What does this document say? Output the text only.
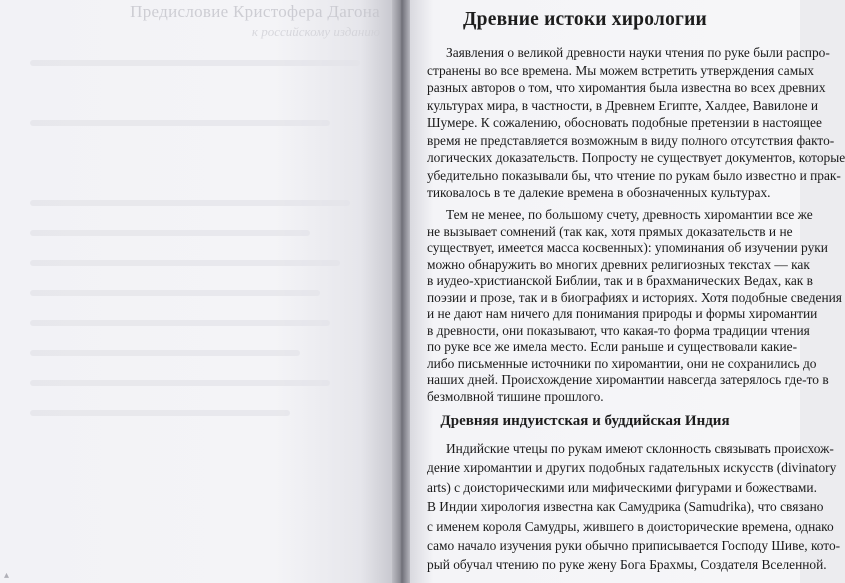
Предисловие Кристофера Дагона
к российскому изданию
▴
Древние истоки хирологии
Заявления о великой древности науки чтения по руке были распро-
странены во все времена. Мы можем встретить утверждения самых
разных авторов о том, что хиромантия была известна во всех древних
культурах мира, в частности, в Древнем Египте, Халдее, Вавилоне и
Шумере. К сожалению, обосновать подобные претензии в настоящее
время не представляется возможным в виду полного отсутствия факто-
логических доказательств. Попросту не существует документов, которые
убедительно показывали бы, что чтение по рукам было известно и прак-
тиковалось в те далекие времена в обозначенных культурах.
Тем не менее, по большому счету, древность хиромантии все же
не вызывает сомнений (так как, хотя прямых доказательств и не
существует, имеется масса косвенных): упоминания об изучении руки
можно обнаружить во многих древних религиозных текстах — как
в иудео-христианской Библии, так и в брахманических Ведах, как в
поэзии и прозе, так и в биографиях и историях. Хотя подобные сведения
и не дают нам ничего для понимания природы и формы хиромантии
в древности, они показывают, что какая-то форма традиции чтения
по руке все же имела место. Если раньше и существовали какие-
либо письменные источники по хиромантии, они не сохранились до
наших дней. Происхождение хиромантии навсегда затерялось где-то в
Древняя индуистская и буддийская Индия
Индийские чтецы по рукам имеют склонность связывать происхож-
дение хиромантии и других подобных гадательных искусств (divinatory
arts) с доисторическими или мифическими фигурами и божествами.
В Индии хирология известна как Самудрика (Samudrika), что связано
с именем короля Самудры, жившего в доисторические времена, однако
само начало изучения руки обычно приписывается Господу Шиве, кото-
рый обучал чтению по руке жену Бога Брахмы, Создателя Вселенной.
безмолвной тишине прошлого.
